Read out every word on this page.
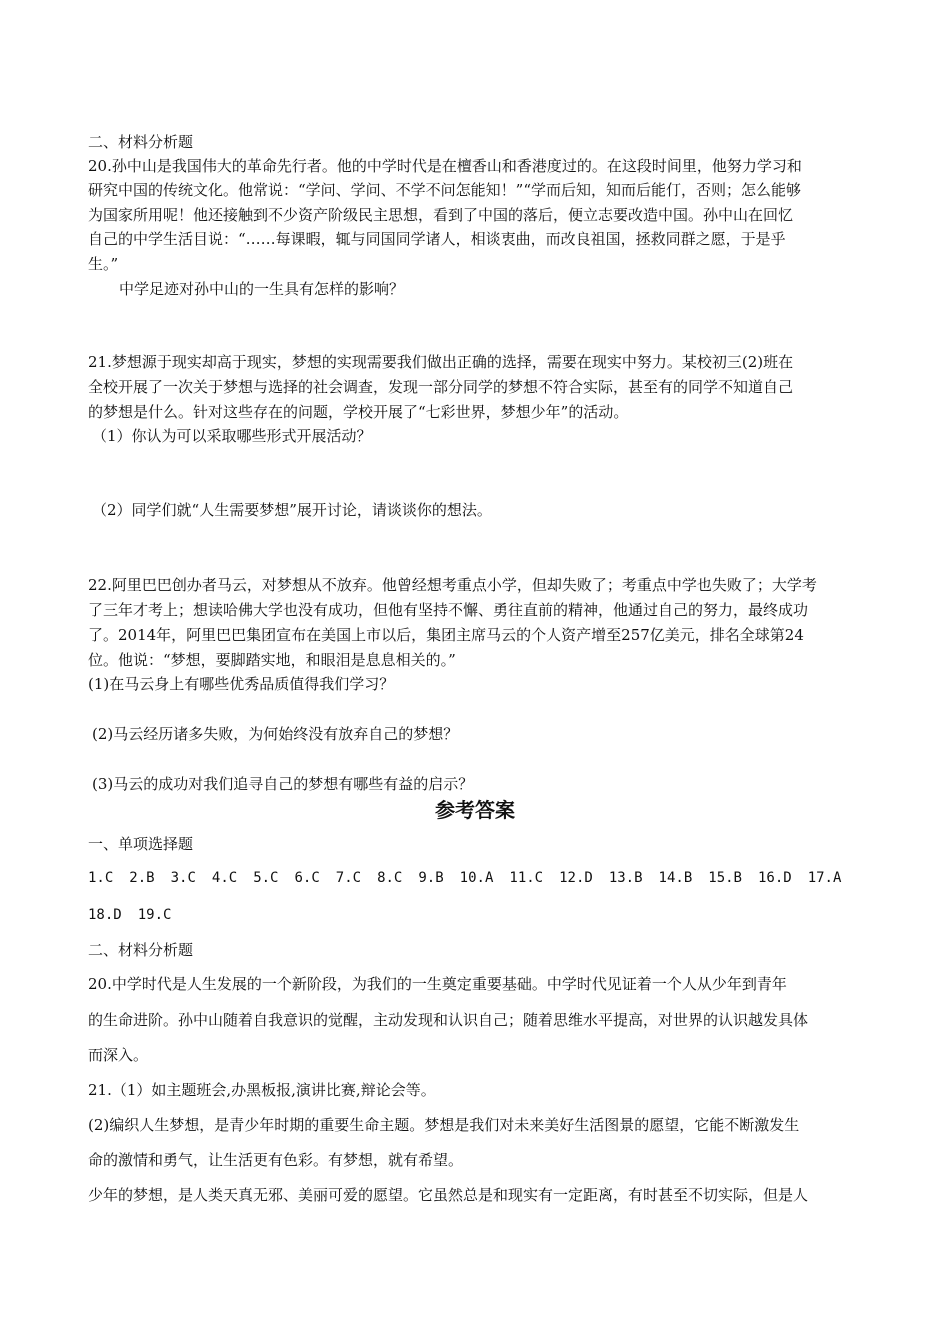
二、材料分析题
20.孙中山是我国伟大的革命先行者。他的中学时代是在檀香山和香港度过的。在这段时间里，他努力学习和
研究中国的传统文化。他常说：“学问、学问、不学不问怎能知！”“学而后知，知而后能仃，否则；怎么能够
为国家所用呢！他还接触到不少资产阶级民主思想，看到了中国的落后，便立志要改造中国。孙中山在回忆
自己的中学生活目说：“……每课暇，辄与同国同学诸人，相谈衷曲，而改良祖国，拯救同群之愿，于是乎
生。”
中学足迹对孙中山的一生具有怎样的影响？
21.梦想源于现实却高于现实，梦想的实现需要我们做出正确的选择，需要在现实中努力。某校初三(2)班在
全校开展了一次关于梦想与选择的社会调查，发现一部分同学的梦想不符合实际，甚至有的同学不知道自己
的梦想是什么。针对这些存在的问题，学校开展了“七彩世界，梦想少年”的活动。
（1）你认为可以采取哪些形式开展活动？
（2）同学们就“人生需要梦想”展开讨论，请谈谈你的想法。
22.阿里巴巴创办者马云，对梦想从不放弃。他曾经想考重点小学，但却失败了；考重点中学也失败了；大学考
了三年才考上；想读哈佛大学也没有成功，但他有坚持不懈、勇往直前的精神，他通过自己的努力，最终成功
了。2014年，阿里巴巴集团宣布在美国上市以后，集团主席马云的个人资产增至257亿美元，排名全球第24
位。他说：“梦想，要脚踏实地，和眼泪是息息相关的。”
(1)在马云身上有哪些优秀品质值得我们学习？
(2)马云经历诸多失败，为何始终没有放弃自己的梦想？
(3)马云的成功对我们追寻自己的梦想有哪些有益的启示？
参考答案
一、单项选择题
1.C 2.B 3.C 4.C 5.C 6.C 7.C 8.C 9.B 10.A 11.C 12.D 13.B 14.B 15.B 16.D 17.A
18.D 19.C
二、材料分析题
20.中学时代是人生发展的一个新阶段，为我们的一生奠定重要基础。中学时代见证着一个人从少年到青年
的生命进阶。孙中山随着自我意识的觉醒，主动发现和认识自己；随着思维水平提高，对世界的认识越发具体
而深入。
21.（1）如主题班会,办黑板报,演讲比赛,辩论会等。
(2)编织人生梦想，是青少年时期的重要生命主题。梦想是我们对未来美好生活图景的愿望，它能不断激发生
命的激情和勇气，让生活更有色彩。有梦想，就有希望。
少年的梦想，是人类天真无邪、美丽可爱的愿望。它虽然总是和现实有一定距离，有时甚至不切实际，但是人
